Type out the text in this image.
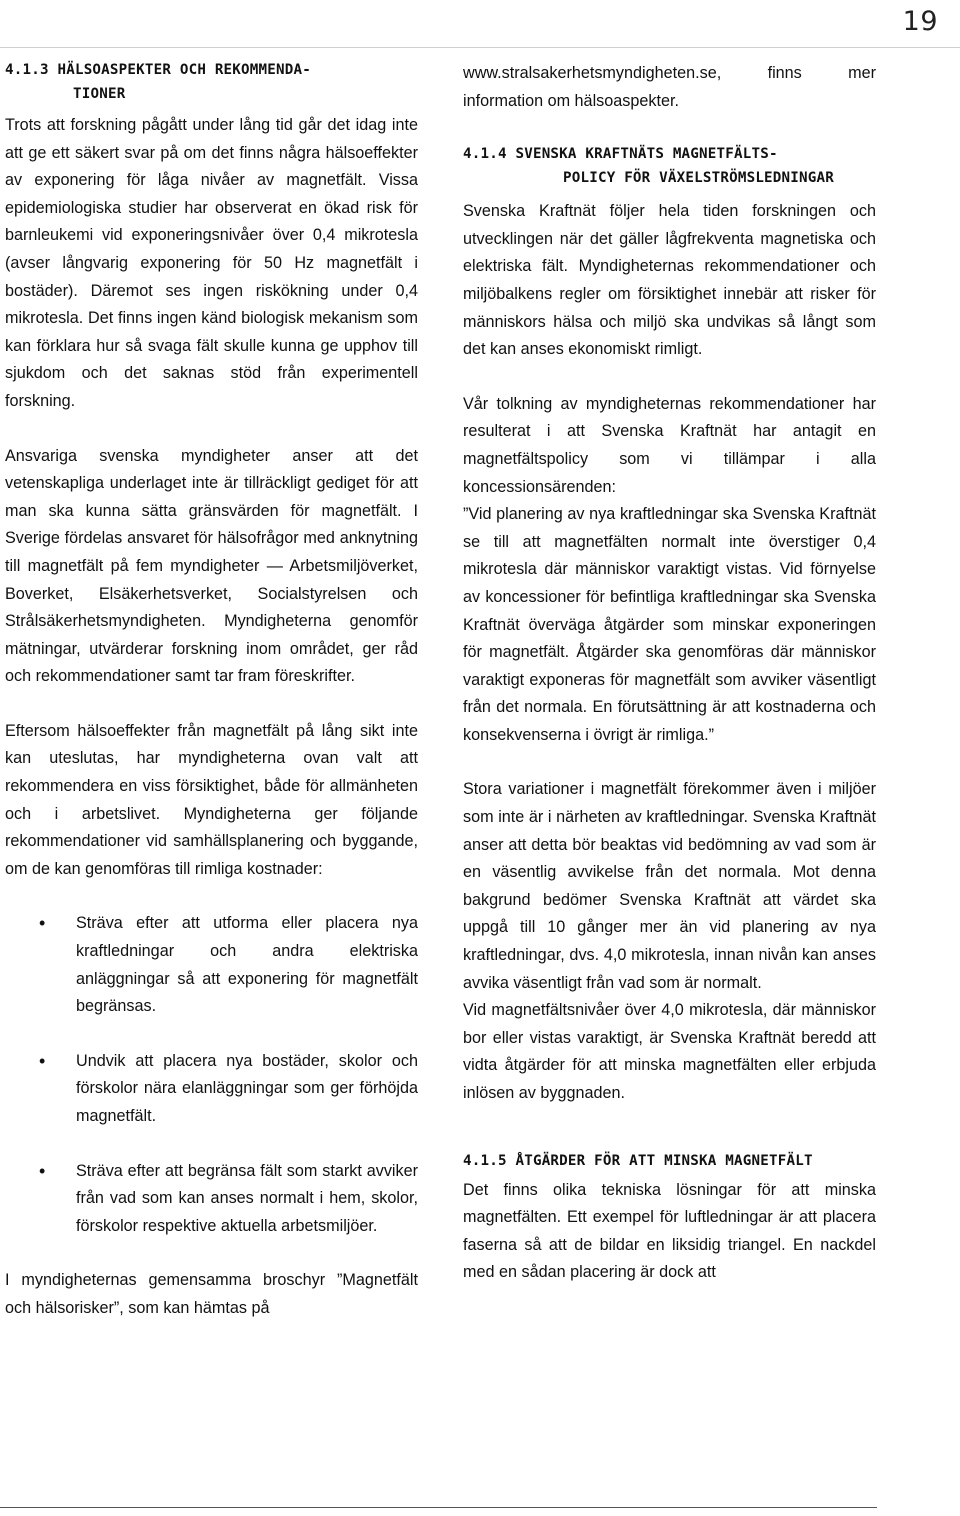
19
4.1.3 HÄLSOASPEKTER OCH REKOMMENDA-
TIONER

Trots att forskning pågått under lång tid går det idag inte att ge ett säkert svar på om det finns några hälsoeffekter av exponering för låga nivåer av magnetfält. Vissa epidemiologiska studier har observerat en ökad risk för barnleukemi vid exponeringsnivåer över 0,4 mikrotesla (avser långvarig exponering för 50 Hz magnetfält i bostäder). Däremot ses ingen riskökning under 0,4 mikrotesla. Det finns ingen känd biologisk mekanism som kan förklara hur så svaga fält skulle kunna ge upphov till sjukdom och det saknas stöd från experimentell forskning.

Ansvariga svenska myndigheter anser att det vetenskapliga underlaget inte är tillräckligt gediget för att man ska kunna sätta gränsvärden för magnetfält. I Sverige fördelas ansvaret för hälsofrågor med anknytning till magnetfält på fem myndigheter — Arbetsmiljöverket, Boverket, Elsäkerhetsverket, Socialstyrelsen och Strålsäkerhetsmyndigheten. Myndigheterna genomför mätningar, utvärderar forskning inom området, ger råd och rekommendationer samt tar fram föreskrifter.

Eftersom hälsoeffekter från magnetfält på lång sikt inte kan uteslutas, har myndigheterna ovan valt att rekommendera en viss försiktighet, både för allmänheten och i arbetslivet. Myndigheterna ger följande rekommendationer vid samhällsplanering och byggande, om de kan genomföras till rimliga kostnader:

• Sträva efter att utforma eller placera nya kraftledningar och andra elektriska anläggningar så att exponering för magnetfält begränsas.
• Undvik att placera nya bostäder, skolor och förskolor nära elanläggningar som ger förhöjda magnetfält.
• Sträva efter att begränsa fält som starkt avviker från vad som kan anses normalt i hem, skolor, förskolor respektive aktuella arbetsmiljöer.

I myndigheternas gemensamma broschyr ”Magnetfält och hälsorisker”, som kan hämtas på

www.stralsakerhetsmyndigheten.se, finns mer information om hälsoaspekter.

4.1.4 SVENSKA KRAFTNÄTS MAGNETFÄLTS-
POLICY FÖR VÄXELSTRÖMSLEDNINGAR

Svenska Kraftnät följer hela tiden forskningen och utvecklingen när det gäller lågfrekventa magnetiska och elektriska fält. Myndigheternas rekommendationer och miljöbalkens regler om försiktighet innebär att risker för människors hälsa och miljö ska undvikas så långt som det kan anses ekonomiskt rimligt.

Vår tolkning av myndigheternas rekommendationer har resulterat i att Svenska Kraftnät har antagit en magnetfältspolicy som vi tillämpar i alla koncessionsärenden:

”Vid planering av nya kraftledningar ska Svenska Kraftnät se till att magnetfälten normalt inte överstiger 0,4 mikrotesla där människor varaktigt vistas. Vid förnyelse av koncessioner för befintliga kraftledningar ska Svenska Kraftnät överväga åtgärder som minskar exponeringen för magnetfält. Åtgärder ska genomföras där människor varaktigt exponeras för magnetfält som avviker väsentligt från det normala. En förutsättning är att kostnaderna och konsekvenserna i övrigt är rimliga.”

Stora variationer i magnetfält förekommer även i miljöer som inte är i närheten av kraftledningar. Svenska Kraftnät anser att detta bör beaktas vid bedömning av vad som är en väsentlig avvikelse från det normala. Mot denna bakgrund bedömer Svenska Kraftnät att värdet ska uppgå till 10 gånger mer än vid planering av nya kraftledningar, dvs. 4,0 mikrotesla, innan nivån kan anses avvika väsentligt från vad som är normalt.

Vid magnetfältsnivåer över 4,0 mikrotesla, där människor bor eller vistas varaktigt, är Svenska Kraftnät beredd att vidta åtgärder för att minska magnetfälten eller erbjuda inlösen av byggnaden.

4.1.5 ÅTGÄRDER FÖR ATT MINSKA MAGNETFÄLT

Det finns olika tekniska lösningar för att minska magnetfälten. Ett exempel för luftledningar är att placera faserna så att de bildar en liksidig triangel. En nackdel med en sådan placering är dock att
